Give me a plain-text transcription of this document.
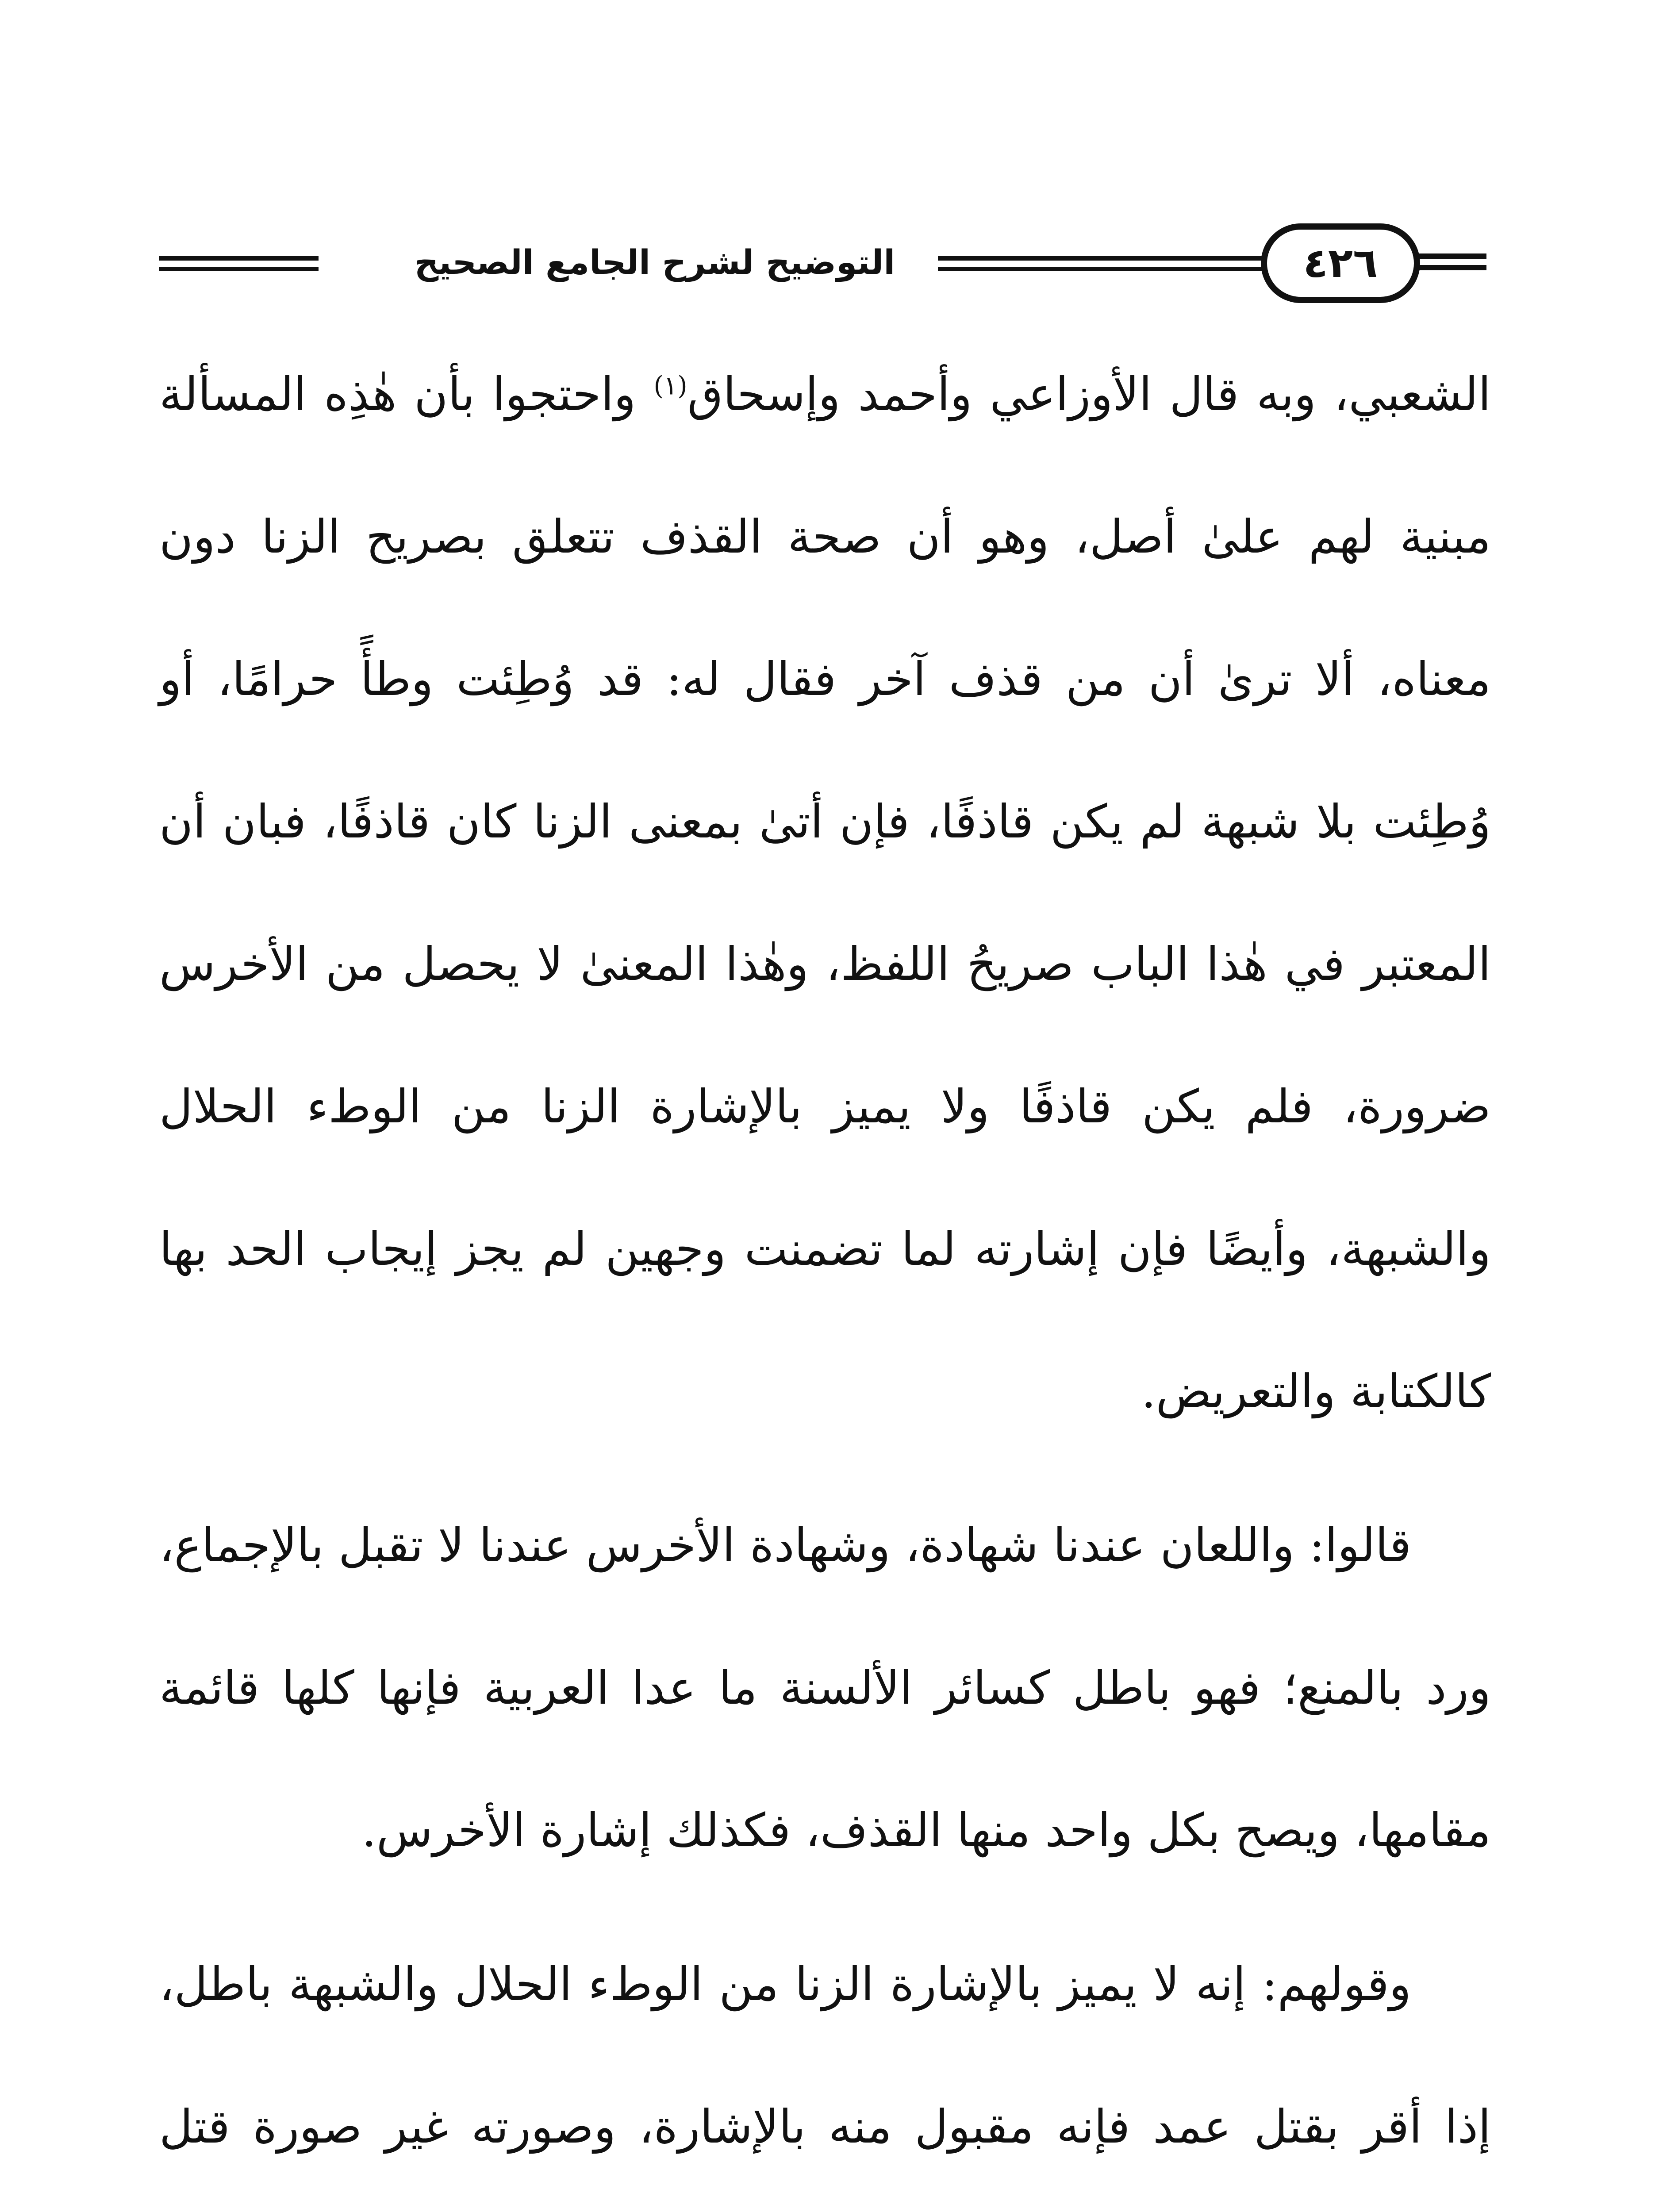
التوضيح لشرح الجامع الصحيح	٤٢٦

الشعبي، وبه قال الأوزاعي وأحمد وإسحاق$^{(١)}$ واحتجوا بأن هٰذِه المسألة مبنية لهم علىٰ أصل، وهو أن صحة القذف تتعلق بصريح الزنا دون معناه، ألا ترىٰ أن من قذف آخر فقال له: قد وُطِئت وطأً حرامًا، أو وُطِئت بلا شبهة لم يكن قاذفًا، فإن أتىٰ بمعنى الزنا كان قاذفًا، فبان أن المعتبر في هٰذا الباب صريحُ اللفظ، وهٰذا المعنىٰ لا يحصل من الأخرس ضرورة، فلم يكن قاذفًا ولا يميز بالإشارة الزنا من الوطء الحلال والشبهة، وأيضًا فإن إشارته لما تضمنت وجهين لم يجز إيجاب الحد بها كالكتابة والتعريض.

قالوا: واللعان عندنا شهادة، وشهادة الأخرس عندنا لا تقبل بالإجماع، ورد بالمنع؛ فهو باطل كسائر الألسنة ما عدا العربية فإنها كلها قائمة مقامها، ويصح بكل واحد منها القذف، فكذلك إشارة الأخرس.

وقولهم: إنه لا يميز بالإشارة الزنا من الوطء الحلال والشبهة باطل، إذا أقر بقتل عمد فإنه مقبول منه بالإشارة، وصورته غير صورة قتل
